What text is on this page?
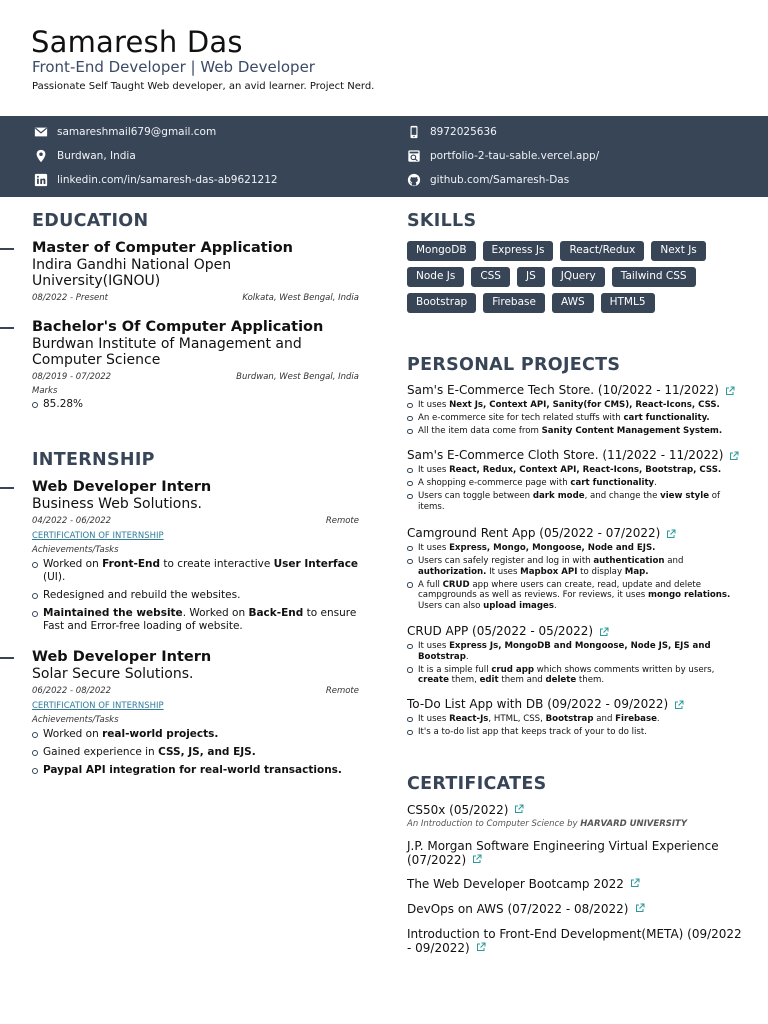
Samaresh Das
Front-End Developer | Web Developer
Passionate Self Taught Web developer, an avid learner. Project Nerd.
samareshmail679@gmail.com
Burdwan, India
linkedin.com/in/samaresh-das-ab9621212
8972025636
portfolio-2-tau-sable.vercel.app/
github.com/Samaresh-Das
EDUCATION
Master of Computer Application
Indira Gandhi National Open University(IGNOU)
08/2022 - Present	Kolkata, West Bengal, India
Bachelor's Of Computer Application
Burdwan Institute of Management and Computer Science
08/2019 - 07/2022	Burdwan, West Bengal, India
Marks
85.28%
INTERNSHIP
Web Developer Intern
Business Web Solutions.
04/2022 - 06/2022	Remote
CERTIFICATION OF INTERNSHIP
Achievements/Tasks
Worked on Front-End to create interactive User Interface (UI).
Redesigned and rebuild the websites.
Maintained the website. Worked on Back-End to ensure Fast and Error-free loading of website.
Web Developer Intern
Solar Secure Solutions.
06/2022 - 08/2022	Remote
CERTIFICATION OF INTERNSHIP
Achievements/Tasks
Worked on real-world projects.
Gained experience in CSS, JS, and EJS.
Paypal API integration for real-world transactions.
SKILLS
MongoDB	Express Js	React/Redux	Next Js
Node Js	CSS	JS	JQuery	Tailwind CSS
Bootstrap	Firebase	AWS	HTML5
PERSONAL PROJECTS
Sam's E-Commerce Tech Store. (10/2022 - 11/2022)
It uses Next Js, Context API, Sanity(for CMS), React-Icons, CSS.
An e-commerce site for tech related stuffs with cart functionality.
All the item data come from Sanity Content Management System.
Sam's E-Commerce Cloth Store. (11/2022 - 11/2022)
It uses React, Redux, Context API, React-Icons, Bootstrap, CSS.
A shopping e-commerce page with cart functionality.
Users can toggle between dark mode, and change the view style of items.
Camground Rent App (05/2022 - 07/2022)
It uses Express, Mongo, Mongoose, Node and EJS.
Users can safely register and log in with authentication and authorization. It uses Mapbox API to display Map.
A full CRUD app where users can create, read, update and delete campgrounds as well as reviews. For reviews, it uses mongo relations. Users can also upload images.
CRUD APP (05/2022 - 05/2022)
It uses Express Js, MongoDB and Mongoose, Node JS, EJS and Bootstrap.
It is a simple full crud app which shows comments written by users, create them, edit them and delete them.
To-Do List App with DB (09/2022 - 09/2022)
It uses React-Js, HTML, CSS, Bootstrap and Firebase.
It's a to-do list app that keeps track of your to do list.
CERTIFICATES
CS50x (05/2022)
An Introduction to Computer Science by HARVARD UNIVERSITY
J.P. Morgan Software Engineering Virtual Experience (07/2022)
The Web Developer Bootcamp 2022
DevOps on AWS (07/2022 - 08/2022)
Introduction to Front-End Development(META) (09/2022 - 09/2022)
